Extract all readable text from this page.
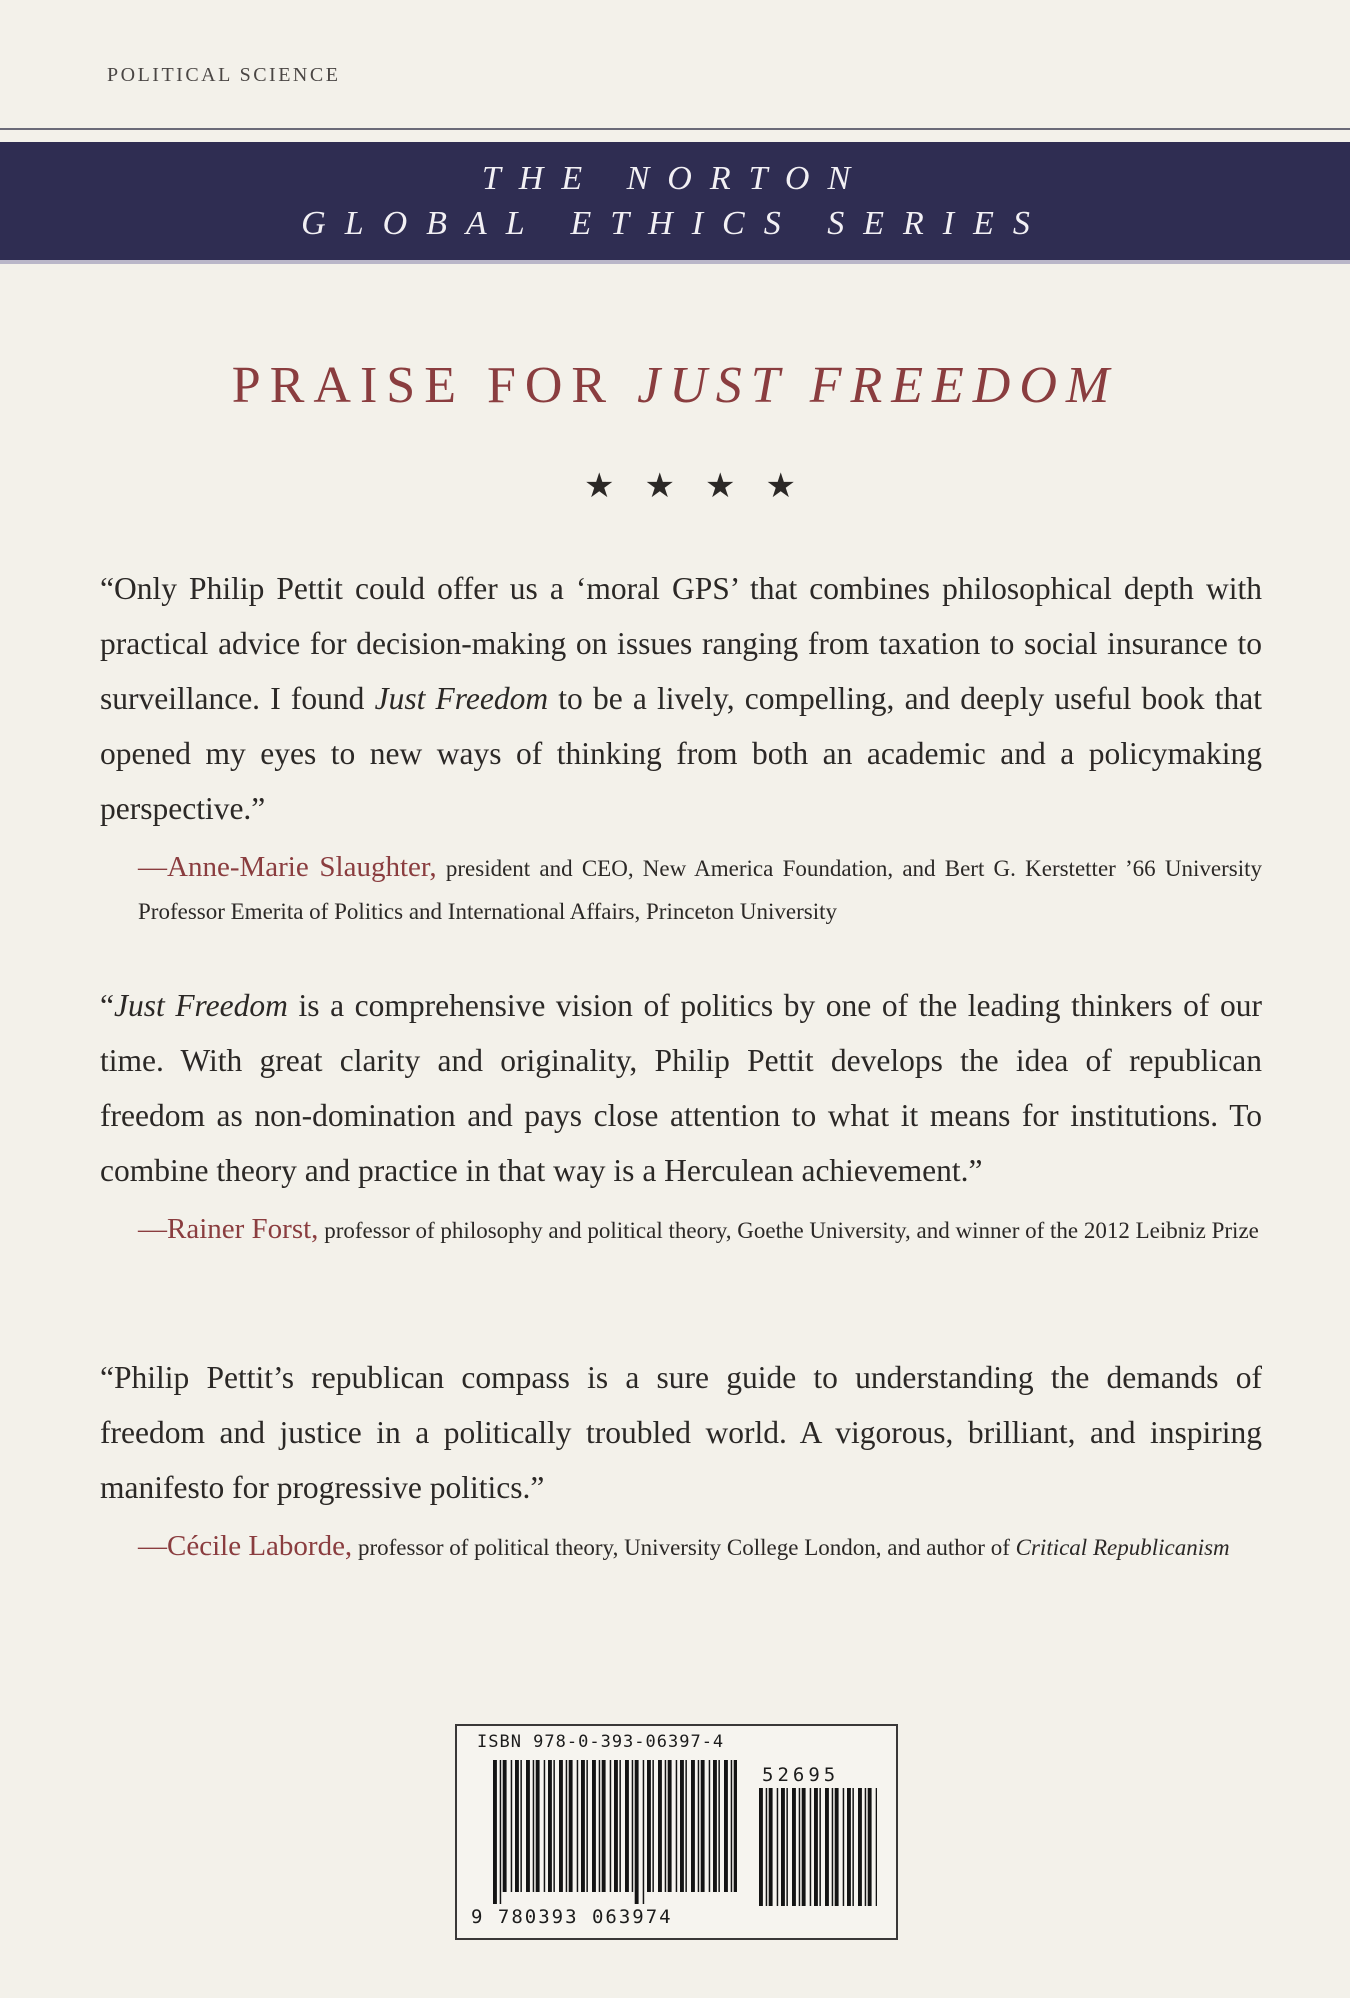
POLITICAL SCIENCE
THE NORTON
GLOBAL ETHICS SERIES
PRAISE FOR JUST FREEDOM
★★★★

“Only Philip Pettit could offer us a ‘moral GPS’ that combines philosophical depth with practical advice for decision-making on issues ranging from taxation to social insurance to surveillance. I found Just Freedom to be a lively, compelling, and deeply useful book that opened my eyes to new ways of thinking from both an academic and a policymaking perspective.”

—Anne-Marie Slaughter, president and CEO, New America Foundation, and Bert G. Kerstetter ’66 University Professor Emerita of Politics and International Affairs, Princeton University

“Just Freedom is a comprehensive vision of politics by one of the leading thinkers of our time. With great clarity and originality, Philip Pettit develops the idea of republican freedom as non-domination and pays close attention to what it means for institutions. To combine theory and practice in that way is a Herculean achievement.”

—Rainer Forst, professor of philosophy and political theory, Goethe University, and winner of the 2012 Leibniz Prize

“Philip Pettit’s republican compass is a sure guide to understanding the demands of freedom and justice in a politically troubled world. A vigorous, brilliant, and inspiring manifesto for progressive politics.”

—Cécile Laborde, professor of political theory, University College London, and author of Critical Republicanism
ISBN 978-0-393-06397-4
52695
9 780393 063974
